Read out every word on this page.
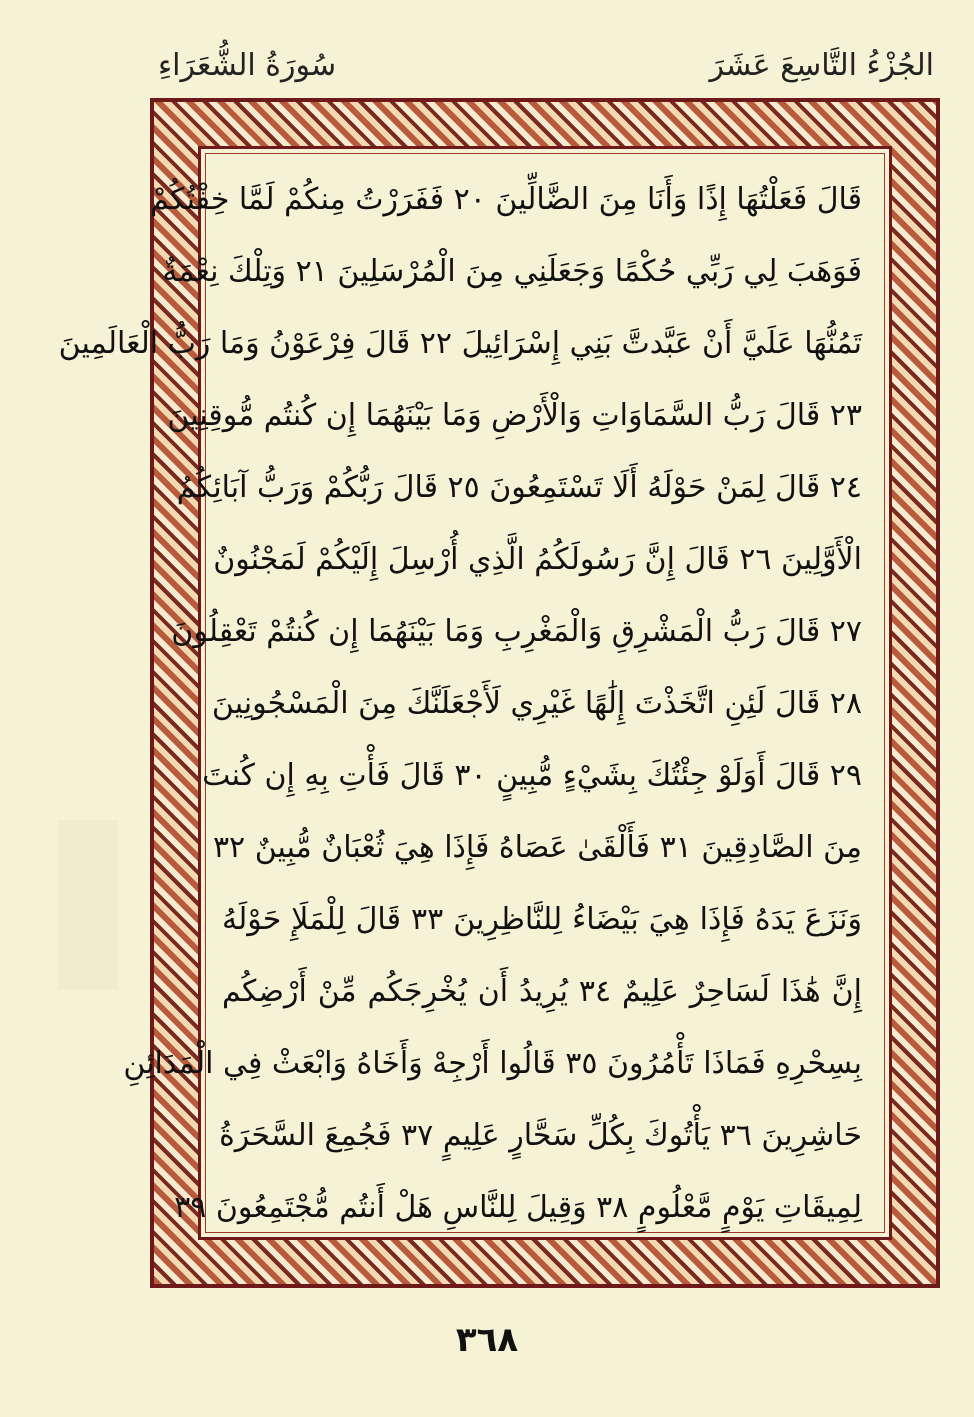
سُورَةُ الشُّعَرَاءِ	الجُزْءُ التَّاسِعَ عَشَرَ
قَالَ فَعَلْتُهَا إِذًا وَأَنَا مِنَ الضَّالِّينَ ٢٠ فَفَرَرْتُ مِنكُمْ لَمَّا خِفْتُكُمْ
فَوَهَبَ لِي رَبِّي حُكْمًا وَجَعَلَنِي مِنَ الْمُرْسَلِينَ ٢١ وَتِلْكَ نِعْمَةٌ
تَمُنُّهَا عَلَيَّ أَنْ عَبَّدتَّ بَنِي إِسْرَائِيلَ ٢٢ قَالَ فِرْعَوْنُ وَمَا رَبُّ الْعَالَمِينَ
٢٣ قَالَ رَبُّ السَّمَاوَاتِ وَالْأَرْضِ وَمَا بَيْنَهُمَا إِن كُنتُم مُّوقِنِينَ
٢٤ قَالَ لِمَنْ حَوْلَهُ أَلَا تَسْتَمِعُونَ ٢٥ قَالَ رَبُّكُمْ وَرَبُّ آبَائِكُمُ
الْأَوَّلِينَ ٢٦ قَالَ إِنَّ رَسُولَكُمُ الَّذِي أُرْسِلَ إِلَيْكُمْ لَمَجْنُونٌ
٢٧ قَالَ رَبُّ الْمَشْرِقِ وَالْمَغْرِبِ وَمَا بَيْنَهُمَا إِن كُنتُمْ تَعْقِلُونَ
٢٨ قَالَ لَئِنِ اتَّخَذْتَ إِلَٰهًا غَيْرِي لَأَجْعَلَنَّكَ مِنَ الْمَسْجُونِينَ
٢٩ قَالَ أَوَلَوْ جِئْتُكَ بِشَيْءٍ مُّبِينٍ ٣٠ قَالَ فَأْتِ بِهِ إِن كُنتَ
مِنَ الصَّادِقِينَ ٣١ فَأَلْقَىٰ عَصَاهُ فَإِذَا هِيَ ثُعْبَانٌ مُّبِينٌ ٣٢
وَنَزَعَ يَدَهُ فَإِذَا هِيَ بَيْضَاءُ لِلنَّاظِرِينَ ٣٣ قَالَ لِلْمَلَإِ حَوْلَهُ
إِنَّ هَٰذَا لَسَاحِرٌ عَلِيمٌ ٣٤ يُرِيدُ أَن يُخْرِجَكُم مِّنْ أَرْضِكُم
بِسِحْرِهِ فَمَاذَا تَأْمُرُونَ ٣٥ قَالُوا أَرْجِهْ وَأَخَاهُ وَابْعَثْ فِي الْمَدَائِنِ
حَاشِرِينَ ٣٦ يَأْتُوكَ بِكُلِّ سَحَّارٍ عَلِيمٍ ٣٧ فَجُمِعَ السَّحَرَةُ
لِمِيقَاتِ يَوْمٍ مَّعْلُومٍ ٣٨ وَقِيلَ لِلنَّاسِ هَلْ أَنتُم مُّجْتَمِعُونَ ٣٩
٣٦٨
